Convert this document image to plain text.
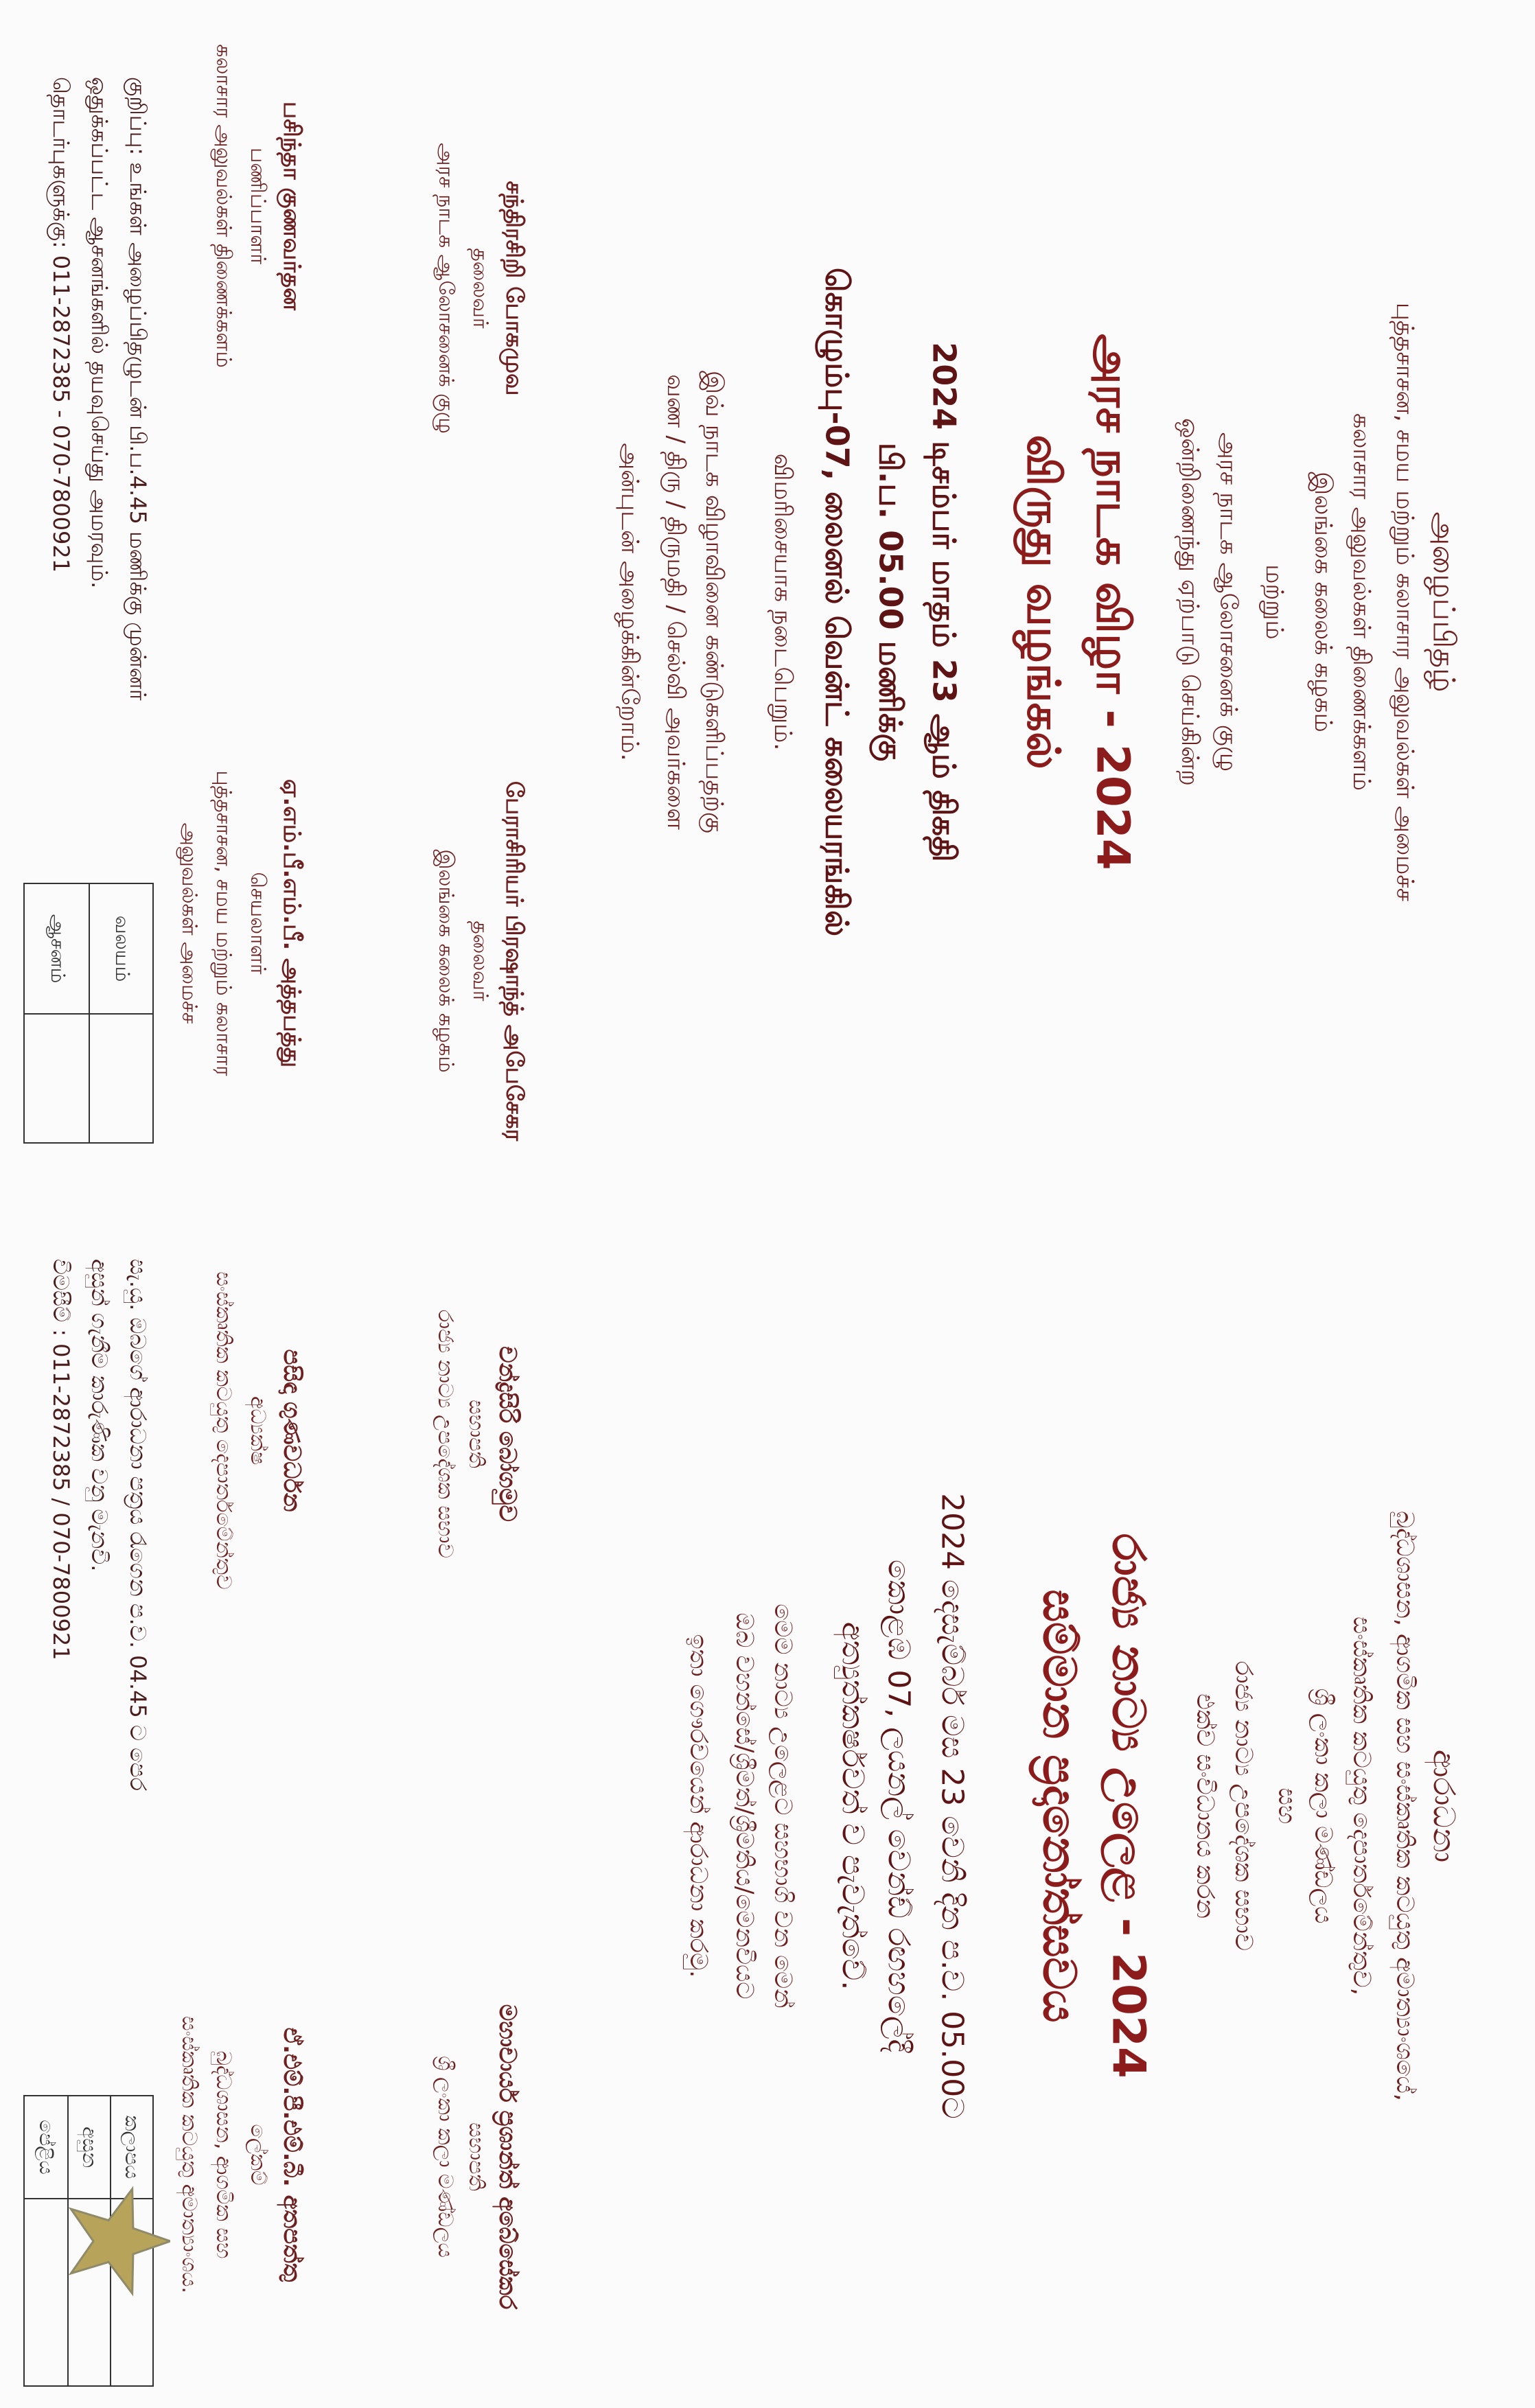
அழைப்பிதழ்
புத்தசாசன, சமய மற்றும் கலாசார அலுவல்கள் அமைச்ச
கலாசார அலுவல்கள் திணைக்களம்
இலங்கை கலைக் கழகம்
மற்றும்
அரச நாடக ஆலோசனைக் குழு
ஒன்றிணைந்து ஏற்பாடு செய்கின்ற
அரச நாடக விழா - 2024
விருது வழங்கல்
2024 டிசம்பர் மாதம் 23 ஆம் திகதி
பி.ப. 05.00 மணிக்கு
கொழும்பு-07, லைனல் வென்ட் கலையரங்கில்
விமரிசையாக நடைபெறும்.
இவ் நாடக விழாவினை கண்டுகளிப்பதற்கு
வண / திரு / திருமதி / செல்வி அவர்களை
அன்புடன் அழைக்கின்றோம்.
சந்திரசிறி போகமுவ
தலைவர்
அரச நாடக ஆலோசனைக் குழு
பேராசிரியர் பிரஷாந்த் அபேசேகர
தலைவர்
இலங்கை கலைக் கழகம்
பசிந்தா குணவர்தன
பணிப்பாளர்
கலாசார அலுவல்கள் திணைக்களம்
ஏ.எம்.பீ.எம்.பீ. அத்தபத்து
செயலாளர்
புத்தசாசன, சமய மற்றும் கலாசார
அலுவல்கள் அமைச்ச
குறிப்பு: உங்கள் அழைப்பிதழுடன் பி.ப.4.45 மணிக்கு முன்னர்
ஒதுக்கப்பட்ட ஆசனங்களில் தயவுசெய்து அமரவும்.
தொடர்புகளுக்கு: 011-2872385 - 070-7800921
வலயம்
ஆசனம்
ආරාධනා
බුද්ධශාසන, ආගමික සහ සංස්කෘතික කටයුතු අමාත්‍යාංශයේ,
සංස්කෘතික කටයුතු දෙපාර්තමේන්තුව,
ශ්‍රී ලංකා කලා මණ්ඩලය
සහ
රාජ්‍ය නාට්‍ය උපදේශක සභාව
එක්ව සංවිධානය කරන
රාජ්‍ය නාට්‍ය උලෙළ - 2024
සම්මාන ප්‍රදානෝත්සවය
2024 දෙසැම්බර් මස 23 වෙනි දින ප.ව. 05.00ට
කොළඹ 07, ලයනල් වෙන්ඩ් රඟහලේදී
අත්‍යුත්කර්ෂවත් ව පැවැත්වේ.
මෙම නාට්‍ය උලෙළට සහභාගි වන මෙන්
ඔබ වහන්සේ/ශ්‍රීමත්/ශ්‍රීමතිය/මෙනවියට
ඉතා ගෞරවයෙන් ආරාධනා කරමු.
චන්ද්‍රසිරි බෝගමුව
සභාපති
රාජ්‍ය නාට්‍ය උපදේශක සභාව
මහාචාර්ය ප්‍රශාන්ත් අබේසේකර
සභාපති
ශ්‍රී ලංකා කලා මණ්ඩලය
පසිඳා ගුණවර්ධන
අධ්‍යක්ෂ
සංස්කෘතික කටයුතු දෙපාර්තමේන්තුව
ඒ.එම්.පී.එම්.බී. අතපත්තු
ලේකම්
බුද්ධශාසන, ආගමික සහ
සංස්කෘතික කටයුතු අමාත්‍යාංශය.
සැ.යු. ඔබගේ ආරාධනා පත්‍රය රැගෙන ප.ව. 04.45 ට පෙර
අසුන් ගැනීම කාරුණික වනු මැනවි.
විමසීම් : 011-2872385 / 070-7800921
කලාපය
අසුන
පේළිය
